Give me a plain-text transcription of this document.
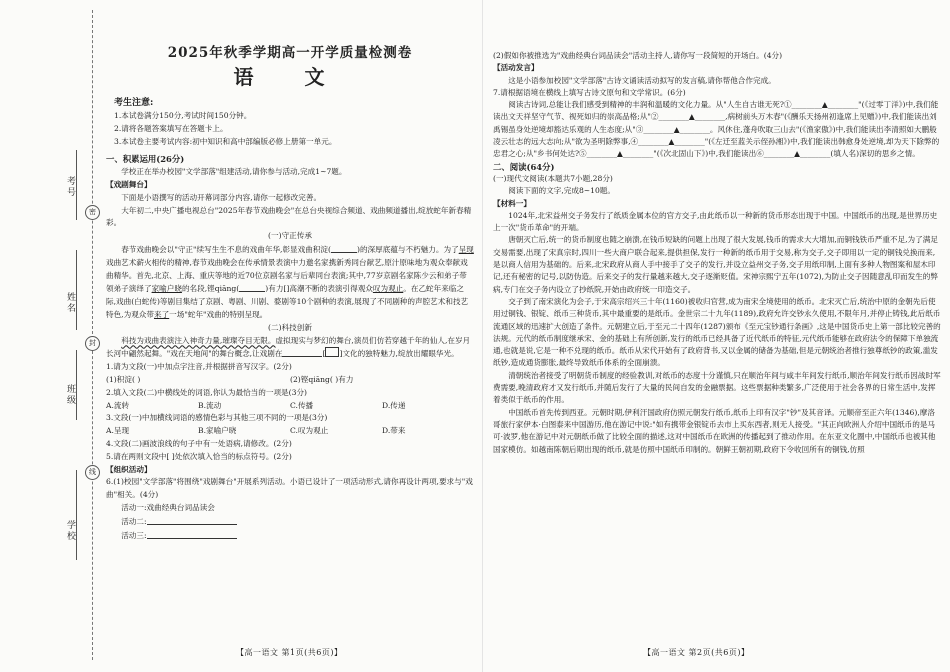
考号
姓名
班级
学校
密
封
线
2025年秋季学期高一开学质量检测卷
语 文
考生注意:
1.本试卷满分150分,考试时间150分钟。
2.请将各题答案填写在答题卡上。
3.本试卷主要考试内容:初中知识和高中部编版必修上册第一单元。
一、积累运用(26分)
学校正在举办校园"文学部落"组建活动,请你参与活动,完成1~7题。
【戏剧舞台】
下面是小语撰写的活动开幕词部分内容,请你一起修改完善。
大年初二,中央广播电视总台"2025年春节戏曲晚会"在总台央视综合频道、戏曲频道播出,绽放蛇年新春精彩。
(一)守正传承
春节戏曲晚会以"守正"续写生生不息的戏曲年华,彰显戏曲积淀(	)的深厚底蕴与不朽魅力。为了呈现戏曲艺术薪火相传的精神,春节戏曲晚会在传承情景表演中力邀名家携新秀同台献艺,原汁原味地为观众奉献戏曲精华。首先,北京、上海、重庆等地的近70位京剧名家与后辈同台表演;其中,77岁京剧名家陈少云和弟子带领弟子演绎了家喻户晓的名段,铿qiāng(	)有力[]高潮不断的表演引得观众叹为观止。在乙蛇年来临之际,戏曲(白蛇传)等剧目集结了京剧、粤剧、川剧、婺剧等10个剧种的表演,展现了不同剧种的声腔艺术和技艺特色,为观众带来了一场"蛇年"戏曲的特别呈现。
(二)科技创新
科技为戏曲表演注入神奇力量,璀璨夺目无限。虚拟现实与梦幻的舞台,演员们仿若穿越千年的仙人,在岁月长河中翩然起舞。"戏在天地间"的舞台概念,让戏剧在	[ ]文化的独特魅力,绽放出耀眼华光。
1.请为文段(一)中加点字注音,并根据拼音写汉字。(2分)
(1)积淀( )	(2)铿qiāng( )有力
2.填入文段(二)中横线处的词语,你认为最恰当的一项是(3分)
A.流转	B.流动	C.传播	D.传递
3.文段(一)中加横线词语的感情色彩与其他三项不同的一项是(3分)
A.呈现	B.家喻户晓	C.叹为观止	D.带来
4.文段(二)画波浪线的句子中有一处语病,请修改。(2分)
5.请在两则文段中[ ]处依次填入恰当的标点符号。(2分)
【组织活动】
6.(1)校园"文学部落"将围绕"戏剧舞台"开展系列活动。小语已设计了一项活动形式,请你再设计两项,要求与"戏曲"相关。(4分)
活动一:戏曲经典台词品读会
活动二:
活动三:
【高一语文 第1页(共6页)】
(2)假如你被推选为"戏曲经典台词品读会"活动主持人,请你写一段简短的开场白。(4分)
【活动发言】
这是小语参加校园"文学部落"古诗文诵读活动拟写的发言稿,请你帮他合作完成。
7.请根据语境在横线上填写古诗文原句和文学常识。(6分)
阅读古诗词,总能让我们感受到精神的丰润和温暖的文化力量。从"人生自古谁无死?①________▲________"(《过零丁洋》)中,我们能读出文天祥坚守气节、视死如归的崇高品格;从"②________▲________,病树前头万木春"(《酬乐天扬州初逢席上见赠》)中,我们能读出刘禹锡虽身处逆境却豁达乐观的人生态度;从"③________▲________。风休住,蓬舟吹取三山去"(《渔家傲》)中,我们能读出李清照如大鹏般凌云壮志的远大志向;从"欲为圣明除弊事,④________▲________"(《左迁至蓝关示侄孙湘》)中,我们能读出韩愈身处逆境,却为天下除弊的忠君之心;从"乡书何处达?⑤________▲________"(《次北固山下》)中,我们能读出⑥________▲________(填人名)深切的思乡之情。
二、阅读(64分)
(一)现代文阅读(本题共7小题,28分)
阅读下面的文字,完成8~10题。
【材料一】
1024年,北宋益州交子务发行了纸质金属本位的官方交子,由此纸币以一种新的货币形态出现于中国。中国纸币的出现,是世界历史上一次"货币革命"的开端。
唐朝灭亡后,统一的货币制度也随之崩溃,在钱币短缺的问题上出现了很大发展,钱币的需求大大增加,而铜钱铁币严重不足,为了满足交易需要,出现了宋真宗时,四川一些大商户联合起来,提供担保,发行一种新的纸币用于交易,称为交子,交子即用以一定的铜钱兑换而来,是以商人信用为基础的。后来,北宋政府从商人手中接手了交子的发行,并设立益州交子务,交子用纸印制,上面有多种人物图案和屋木印记,还有秘密的记号,以防伪造。后来交子的发行量越来越大,交子逐渐贬值。宋神宗熙宁五年(1072),为防止交子因随意乱印而发生的弊病,专门在交子务内设立了抄纸院,开始由政府统一印造交子。
交子到了南宋演化为会子,于宋高宗绍兴三十年(1160)被收归官营,成为南宋全境使用的纸币。北宋灭亡后,统治中原的金朝先后使用过铜钱、银锭、纸币三种货币,其中最重要的是纸币。金世宗二十九年(1189),政府允许交钞永久使用,不限年月,并停止铸钱,此后纸币流通区域的迅速扩大创造了条件。元朝建立后,于至元二十四年(1287)颁布《至元宝钞通行条画》,这是中国货币史上第一部比较完善的法规。元代的纸币制度继承宋、金的基础上有所创新,发行的纸币已经具备了近代纸币的特征,元代纸币能够在政府法令的保障下单独流通,也就是说,它是一种不兑现的纸币。纸币从宋代开始有了政府背书,又以金属的储备为基础,但是元朝统治者推行独尊纸钞的政策,滥发纸钞,造成通货膨胀,最终导致纸币体系的全面崩溃。
清朝统治者接受了明朝货币制度的经验教训,对纸币的态度十分谨慎,只在顺治年间与咸丰年间发行纸币,顺治年间发行纸币因战时军费需要,晚清政府才又发行纸币,并随后发行了大量的民间自发的金融票据。这些票据种类繁多,广泛使用于社会各界的日常生活中,发挥着类似于纸币的作用。
中国纸币首先传到西亚。元朝时期,伊利汗国政府仿照元朝发行纸币,纸币上印有汉字"钞"及其音译。元顺帝至正六年(1346),摩洛哥旅行家伊本·白图泰来中国游历,他在游记中说:"如有携带金银锭币去市上买东西者,则无人接受。"其正向欧洲人介绍中国纸币的是马可·波罗,他在游记中对元朝纸币做了比较全面的描述,这对中国纸币在欧洲的传播起到了推动作用。在东亚文化圈中,中国纸币也被其他国家模仿。如越南陈朝后期出现的纸币,就是仿照中国纸币印制的。朝鲜王朝初期,政府下令收回所有的铜钱,仿照
【高一语文 第2页(共6页)】
